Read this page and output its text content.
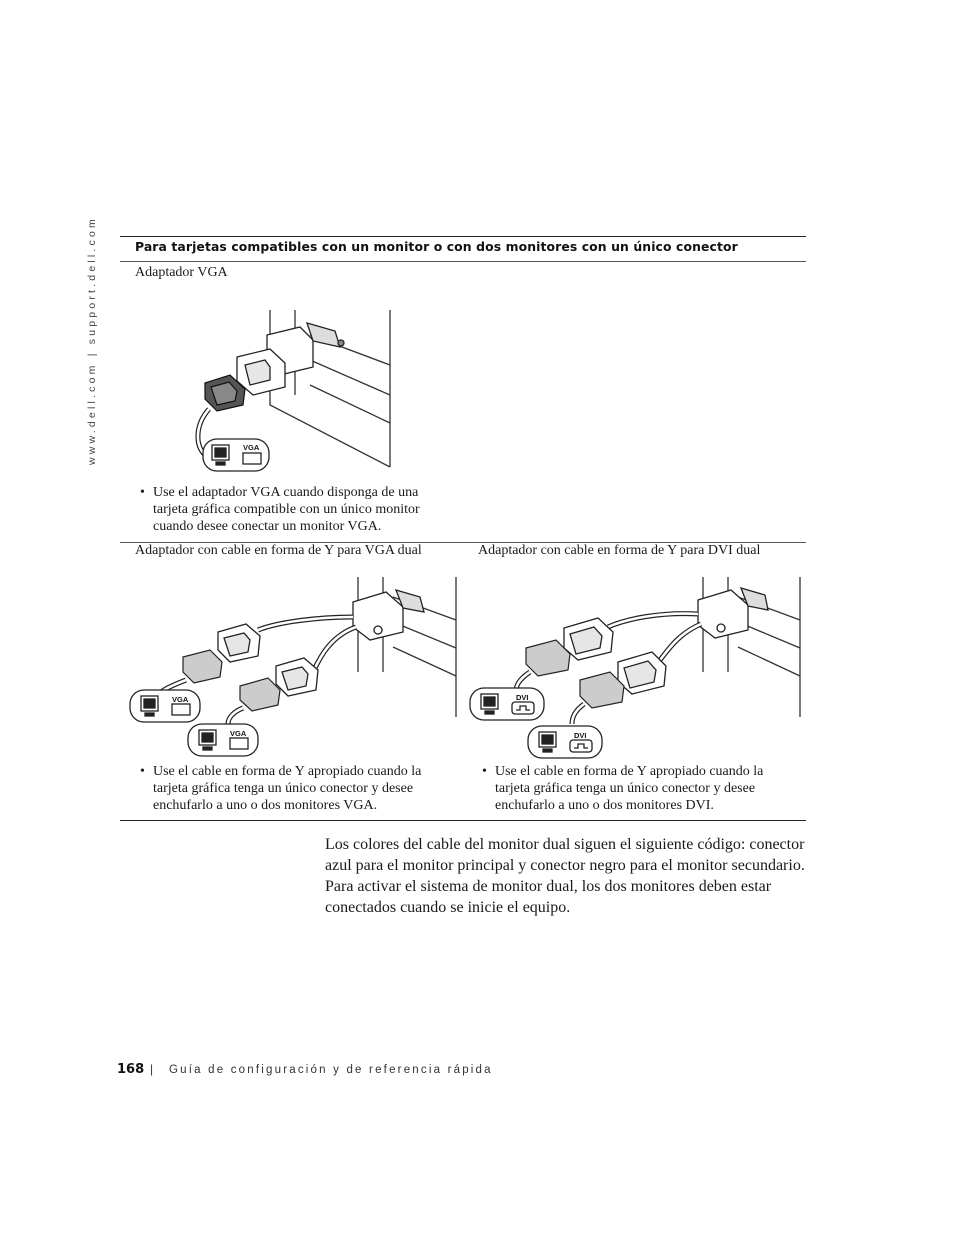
www.dell.com | support.dell.com	Para tarjetas compatibles con un monitor o con dos monitores con un único conector
Adaptador VGA
VGA
• Use el adaptador VGA cuando disponga de una
tarjeta gráfica compatible con un único monitor
cuando desee conectar un monitor VGA.
Adaptador con cable en forma de Y para VGA dual
VGA
VGA
• Use el cable en forma de Y apropiado cuando la
tarjeta gráfica tenga un único conector y desee
enchufarlo a uno o dos monitores VGA.
Adaptador con cable en forma de Y para DVI dual
DVI
DVI
• Use el cable en forma de Y apropiado cuando la
tarjeta gráfica tenga un único conector y desee
enchufarlo a uno o dos monitores DVI.
Los colores del cable del monitor dual siguen el siguiente código: conector
azul para el monitor principal y conector negro para el monitor secundario.
Para activar el sistema de monitor dual, los dos monitores deben estar
conectados cuando se inicie el equipo.
168 | Guía de configuración y de referencia rápida
